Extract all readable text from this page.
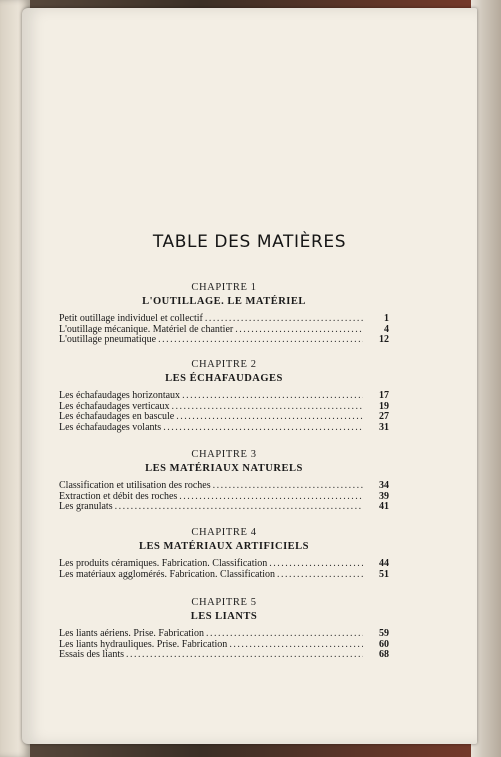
TABLE DES MATIÈRES
CHAPITRE 1
L'OUTILLAGE. LE MATÉRIEL
Petit outillage individuel et collectif .....	1
L'outillage mécanique. Matériel de chantier .....	4
L'outillage pneumatique .....	12
CHAPITRE 2
LES ÉCHAFAUDAGES
Les échafaudages horizontaux .....	17
Les échafaudages verticaux .....	19
Les échafaudages en bascule .....	27
Les échafaudages volants .....	31
CHAPITRE 3
LES MATÉRIAUX NATURELS
Classification et utilisation des roches .....	34
Extraction et débit des roches .....	39
Les granulats .....	41
CHAPITRE 4
LES MATÉRIAUX ARTIFICIELS
Les produits céramiques. Fabrication. Classification .....	44
Les matériaux agglomérés. Fabrication. Classification .....	51
CHAPITRE 5
LES LIANTS
Les liants aériens. Prise. Fabrication .....	59
Les liants hydrauliques. Prise. Fabrication .....	60
Essais des liants .....	68
